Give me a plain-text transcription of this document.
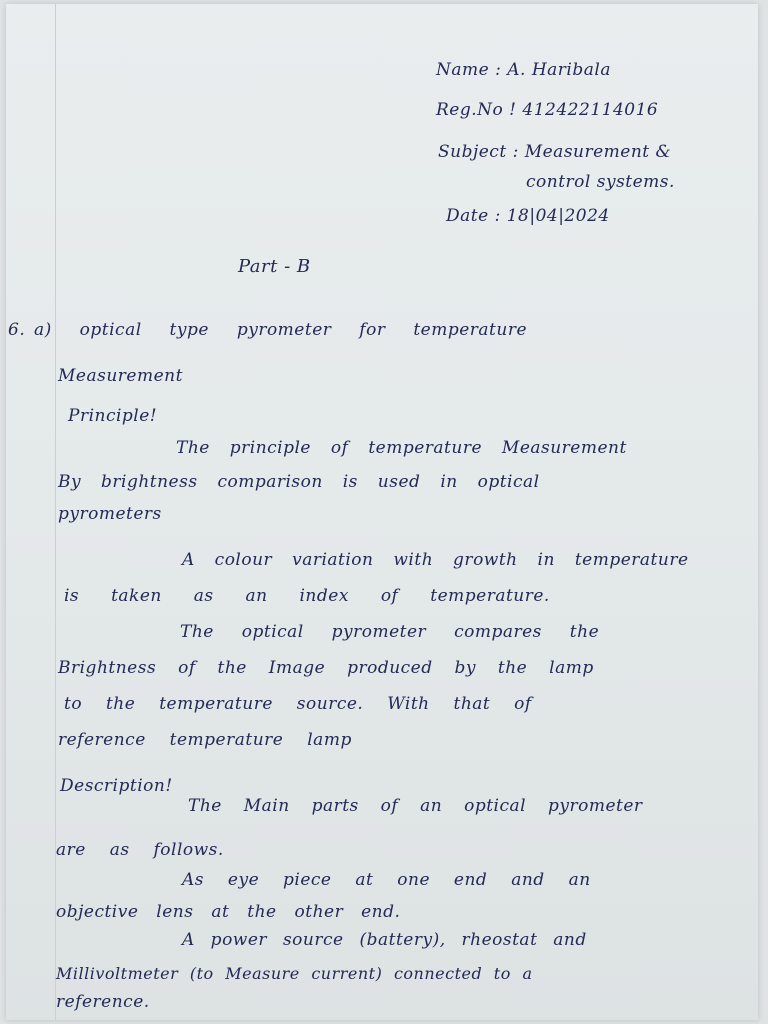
Name : A. Haribala
Reg.No ! 412422114016
Subject : Measurement &
control systems.
Date : 18|04|2024
Part - B
6. a) optical type pyrometer for temperature
Measurement
Principle!
The principle of temperature Measurement
By brightness comparison is used in optical
pyrometers
A colour variation with growth in temperature
is taken as an index of temperature.
The optical pyrometer compares the
Brightness of the Image produced by the lamp
to the temperature source. With that of
reference temperature lamp
Description!
The Main parts of an optical pyrometer
are as follows.
As eye piece at one end and an
objective lens at the other end.
A power source (battery), rheostat and
Millivoltmeter (to Measure current) connected to a
reference.
